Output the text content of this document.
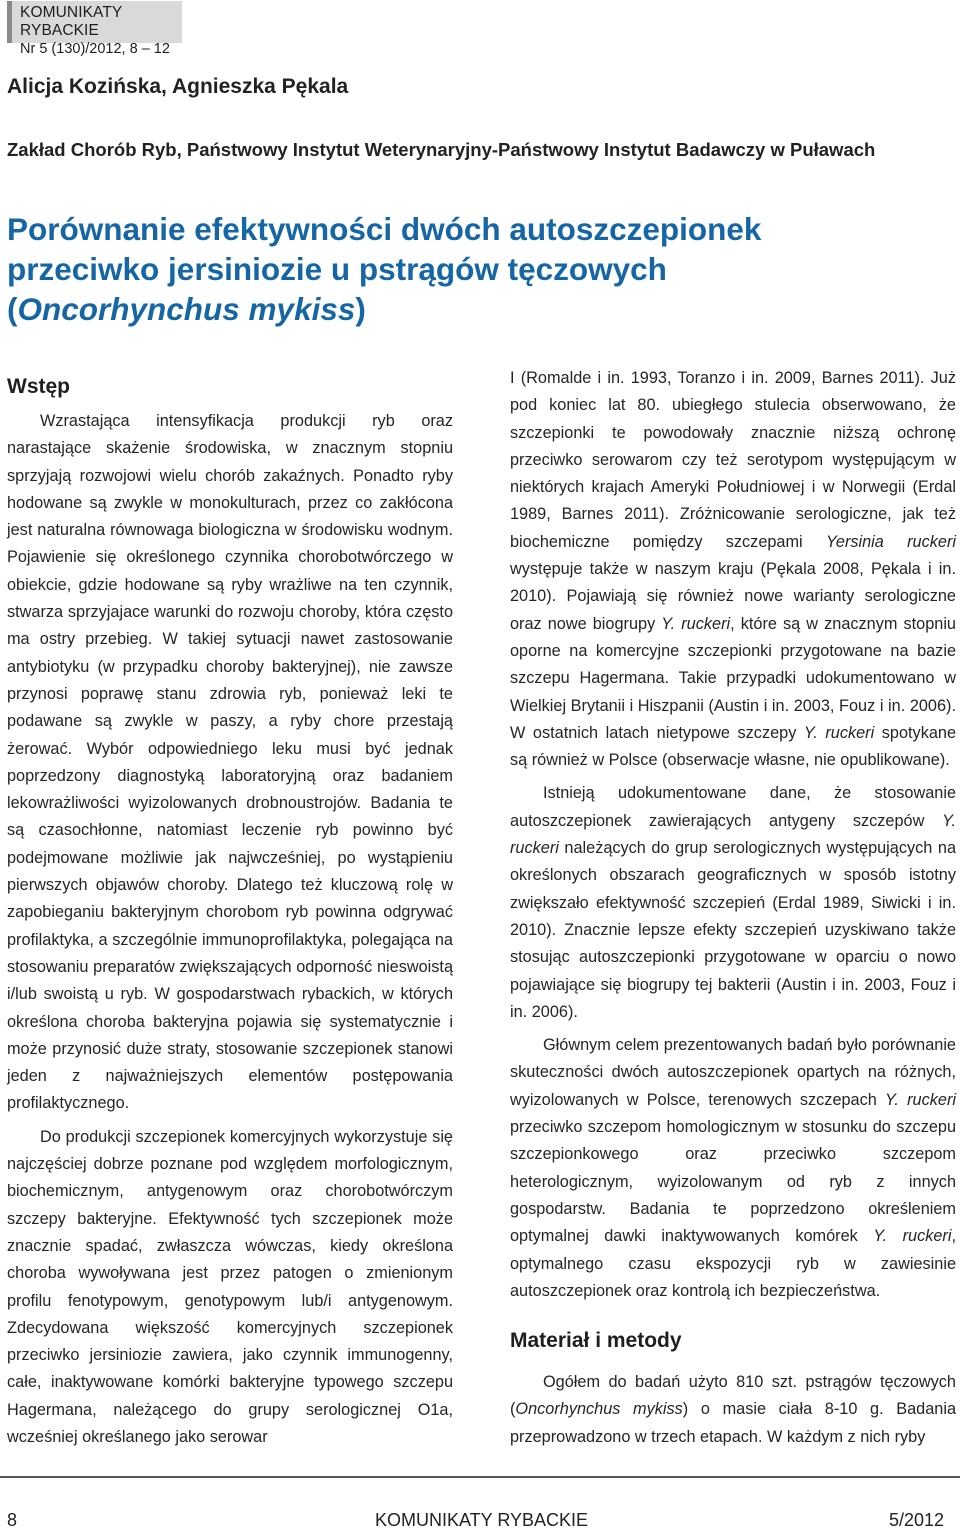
KOMUNIKATY RYBACKIE
Nr 5 (130)/2012, 8 – 12
Alicja Kozińska, Agnieszka Pękala
Zakład Chorób Ryb, Państwowy Instytut Weterynaryjny-Państwowy Instytut Badawczy w Puławach
Porównanie efektywności dwóch autoszczepionek
przeciwko jersiniozie u pstrągów tęczowych
(Oncorhynchus mykiss)
Wstęp

Wzrastająca intensyfikacja produkcji ryb oraz narastające skażenie środowiska, w znacznym stopniu sprzyjają rozwojowi wielu chorób zakaźnych. Ponadto ryby hodowane są zwykle w monokulturach, przez co zakłócona jest naturalna równowaga biologiczna w środowisku wodnym. Pojawienie się określonego czynnika chorobotwórczego w obiekcie, gdzie hodowane są ryby wrażliwe na ten czynnik, stwarza sprzyjajace warunki do rozwoju choroby, która często ma ostry przebieg. W takiej sytuacji nawet zastosowanie antybiotyku (w przypadku choroby bakteryjnej), nie zawsze przynosi poprawę stanu zdrowia ryb, ponieważ leki te podawane są zwykle w paszy, a ryby chore przestają żerować. Wybór odpowiedniego leku musi być jednak poprzedzony diagnostyką laboratoryjną oraz badaniem lekowrażliwości wyizolowanych drobnoustrojów. Badania te są czasochłonne, natomiast leczenie ryb powinno być podejmowane możliwie jak najwcześniej, po wystąpieniu pierwszych objawów choroby. Dlatego też kluczową rolę w zapobieganiu bakteryjnym chorobom ryb powinna odgrywać profilaktyka, a szczególnie immunoprofilaktyka, polegająca na stosowaniu preparatów zwiększających odporność nieswoistą i/lub swoistą u ryb. W gospodarstwach rybackich, w których określona choroba bakteryjna pojawia się systematycznie i może przynosić duże straty, stosowanie szczepionek stanowi jeden z najważniejszych elementów postępowania profilaktycznego.

Do produkcji szczepionek komercyjnych wykorzystuje się najczęściej dobrze poznane pod względem morfologicznym, biochemicznym, antygenowym oraz chorobotwórczym szczepy bakteryjne. Efektywność tych szczepionek może znacznie spadać, zwłaszcza wówczas, kiedy określona choroba wywoływana jest przez patogen o zmienionym profilu fenotypowym, genotypowym lub/i antygenowym. Zdecydowana większość komercyjnych szczepionek przeciwko jersiniozie zawiera, jako czynnik immunogenny, całe, inaktywowane komórki bakteryjne typowego szczepu Hagermana, należącego do grupy serologicznej O1a, wcześniej określanego jako serowar

I (Romalde i in. 1993, Toranzo i in. 2009, Barnes 2011). Już pod koniec lat 80. ubiegłego stulecia obserwowano, że szczepionki te powodowały znacznie niższą ochronę przeciwko serowarom czy też serotypom występującym w niektórych krajach Ameryki Południowej i w Norwegii (Erdal 1989, Barnes 2011). Zróżnicowanie serologiczne, jak też biochemiczne pomiędzy szczepami Yersinia ruckeri występuje także w naszym kraju (Pękala 2008, Pękala i in. 2010). Pojawiają się również nowe warianty serologiczne oraz nowe biogrupy Y. ruckeri, które są w znacznym stopniu oporne na komercyjne szczepionki przygotowane na bazie szczepu Hagermana. Takie przypadki udokumentowano w Wielkiej Brytanii i Hiszpanii (Austin i in. 2003, Fouz i in. 2006). W ostatnich latach nietypowe szczepy Y. ruckeri spotykane są również w Polsce (obserwacje własne, nie opublikowane).

Istnieją udokumentowane dane, że stosowanie autoszczepionek zawierających antygeny szczepów Y. ruckeri należących do grup serologicznych występujących na określonych obszarach geograficznych w sposób istotny zwiększało efektywność szczepień (Erdal 1989, Siwicki i in. 2010). Znacznie lepsze efekty szczepień uzyskiwano także stosując autoszczepionki przygotowane w oparciu o nowo pojawiające się biogrupy tej bakterii (Austin i in. 2003, Fouz i in. 2006).

Głównym celem prezentowanych badań było porównanie skuteczności dwóch autoszczepionek opartych na różnych, wyizolowanych w Polsce, terenowych szczepach Y. ruckeri przeciwko szczepom homologicznym w stosunku do szczepu szczepionkowego oraz przeciwko szczepom heterologicznym, wyizolowanym od ryb z innych gospodarstw. Badania te poprzedzono określeniem optymalnej dawki inaktywowanych komórek Y. ruckeri, optymalnego czasu ekspozycji ryb w zawiesinie autoszczepionek oraz kontrolą ich bezpieczeństwa.

Materiał i metody

Ogółem do badań użyto 810 szt. pstrągów tęczowych (Oncorhynchus mykiss) o masie ciała 8-10 g. Badania przeprowadzono w trzech etapach. W każdym z nich ryby

8	KOMUNIKATY RYBACKIE	5/2012
